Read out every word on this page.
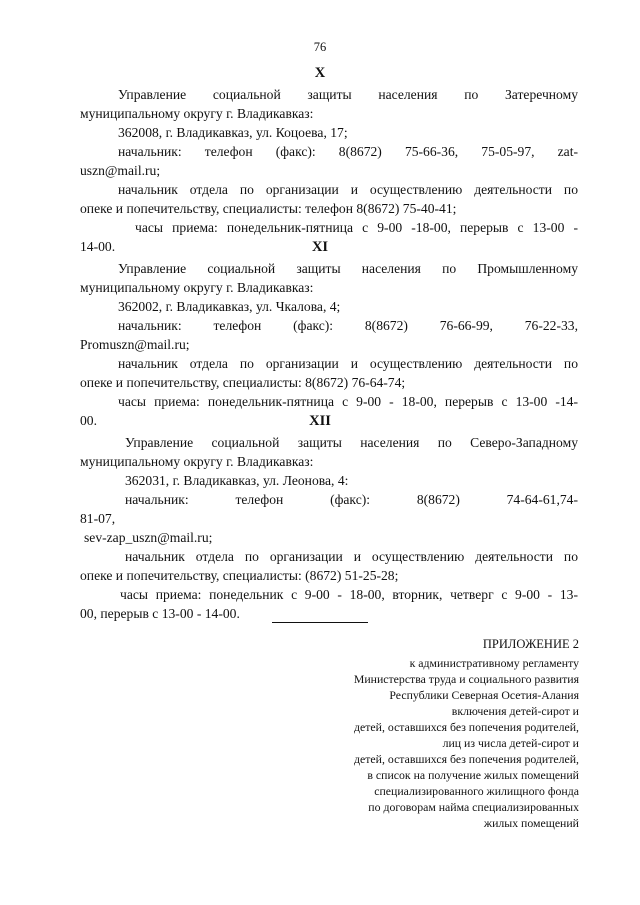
76
X
Управление социальной защиты населения по Затеречному
муниципальному округу г. Владикавказ:
362008, г. Владикавказ, ул. Коцоева, 17;
начальник: телефон (факс): 8(8672) 75-66-36, 75-05-97, zat-
uszn@mail.ru;
начальник отдела по организации и осуществлению деятельности по
опеке и попечительству, специалисты: телефон 8(8672) 75-40-41;
часы приема: понедельник-пятница с 9-00 -18-00, перерыв с 13-00 -
14-00.	XI
Управление социальной защиты населения по Промышленному
муниципальному округу г. Владикавказ:
362002, г. Владикавказ, ул. Чкалова, 4;
начальник: телефон (факс): 8(8672) 76-66-99, 76-22-33,
Promuszn@mail.ru;
начальник отдела по организации и осуществлению деятельности по
опеке и попечительству, специалисты: 8(8672) 76-64-74;
часы приема: понедельник-пятница с 9-00 - 18-00, перерыв с 13-00 -14-
00.	XII
Управление социальной защиты населения по Северо-Западному
муниципальному округу г. Владикавказ:
362031, г. Владикавказ, ул. Леонова, 4:
начальник: телефон (факс): 8(8672) 74-64-61,74-
81-07,
sev-zap_uszn@mail.ru;
начальник отдела по организации и осуществлению деятельности по
опеке и попечительству, специалисты: (8672) 51-25-28;
часы приема: понедельник с 9-00 - 18-00, вторник, четверг с 9-00 - 13-
00, перерыв с 13-00 - 14-00.
ПРИЛОЖЕНИЕ 2
к административному регламенту
Министерства труда и социального развития
Республики Северная Осетия-Алания
включения детей-сирот и
детей, оставшихся без попечения родителей,
лиц из числа детей-сирот и
детей, оставшихся без попечения родителей,
в список на получение жилых помещений
специализированного жилищного фонда
по договорам найма специализированных
жилых помещений
